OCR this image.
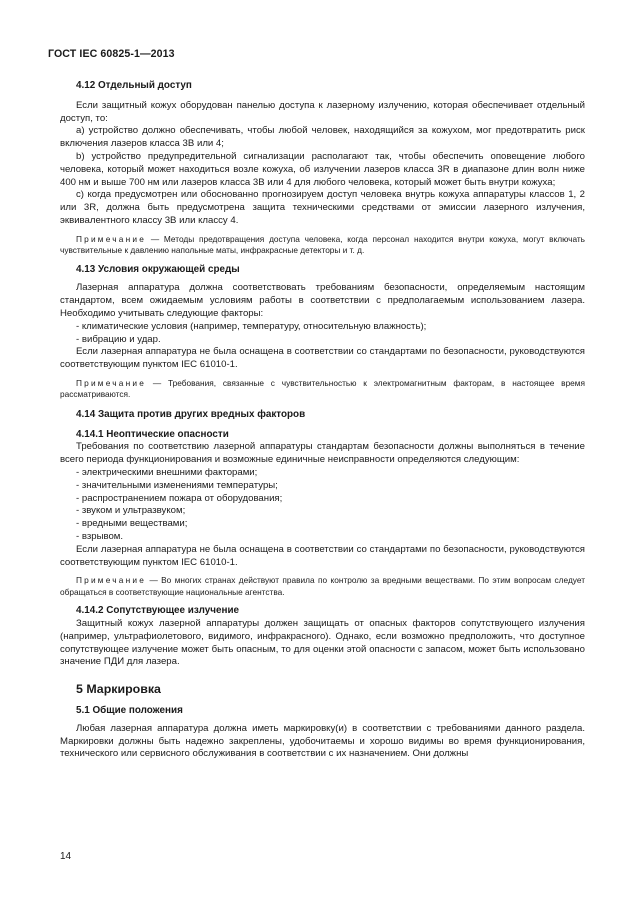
ГОСТ IEC 60825-1—2013

4.12 Отдельный доступ

Если защитный кожух оборудован панелью доступа к лазерному излучению, которая обеспечивает отдельный доступ, то:

а) устройство должно обеспечивать, чтобы любой человек, находящийся за кожухом, мог предотвратить риск включения лазеров класса 3В или 4;

b) устройство предупредительной сигнализации располагают так, чтобы обеспечить оповещение любого человека, который может находиться возле кожуха, об излучении лазеров класса 3R в диапазоне длин волн ниже 400 нм и выше 700 нм или лазеров класса 3В или 4 для любого человека, который может быть внутри кожуха;

с) когда предусмотрен или обоснованно прогнозируем доступ человека внутрь кожуха аппаратуры классов 1, 2 или 3R, должна быть предусмотрена защита техническими средствами от эмиссии лазерного излучения, эквивалентного классу 3В или классу 4.

Примечание — Методы предотвращения доступа человека, когда персонал находится внутри кожуха, могут включать чувствительные к давлению напольные маты, инфракрасные детекторы и т. д.

4.13 Условия окружающей среды

Лазерная аппаратура должна соответствовать требованиям безопасности, определяемым настоящим стандартом, всем ожидаемым условиям работы в соответствии с предполагаемым использованием лазера. Необходимо учитывать следующие факторы:

- климатические условия (например, температуру, относительную влажность);

- вибрацию и удар.

Если лазерная аппаратура не была оснащена в соответствии со стандартами по безопасности, руководствуются соответствующим пунктом IEC 61010-1.

Примечание — Требования, связанные с чувствительностью к электромагнитным факторам, в настоящее время рассматриваются.

4.14 Защита против других вредных факторов

4.14.1 Неоптические опасности

Требования по соответствию лазерной аппаратуры стандартам безопасности должны выполняться в течение всего периода функционирования и возможные единичные неисправности определяются следующим:

- электрическими внешними факторами;

- значительными изменениями температуры;

- распространением пожара от оборудования;

- звуком и ультразвуком;

- вредными веществами;

- взрывом.

Если лазерная аппаратура не была оснащена в соответствии со стандартами по безопасности, руководствуются соответствующим пунктом IEC 61010-1.

Примечание — Во многих странах действуют правила по контролю за вредными веществами. По этим вопросам следует обращаться в соответствующие национальные агентства.

4.14.2 Сопутствующее излучение

Защитный кожух лазерной аппаратуры должен защищать от опасных факторов сопутствующего излучения (например, ультрафиолетового, видимого, инфракрасного). Однако, если возможно предположить, что доступное сопутствующее излучение может быть опасным, то для оценки этой опасности с запасом, может быть использовано значение ПДИ для лазера.

5 Маркировка

5.1 Общие положения

Любая лазерная аппаратура должна иметь маркировку(и) в соответствии с требованиями данного раздела. Маркировки должны быть надежно закреплены, удобочитаемы и хорошо видимы во время функционирования, технического или сервисного обслуживания в соответствии с их назначением. Они должны

14
